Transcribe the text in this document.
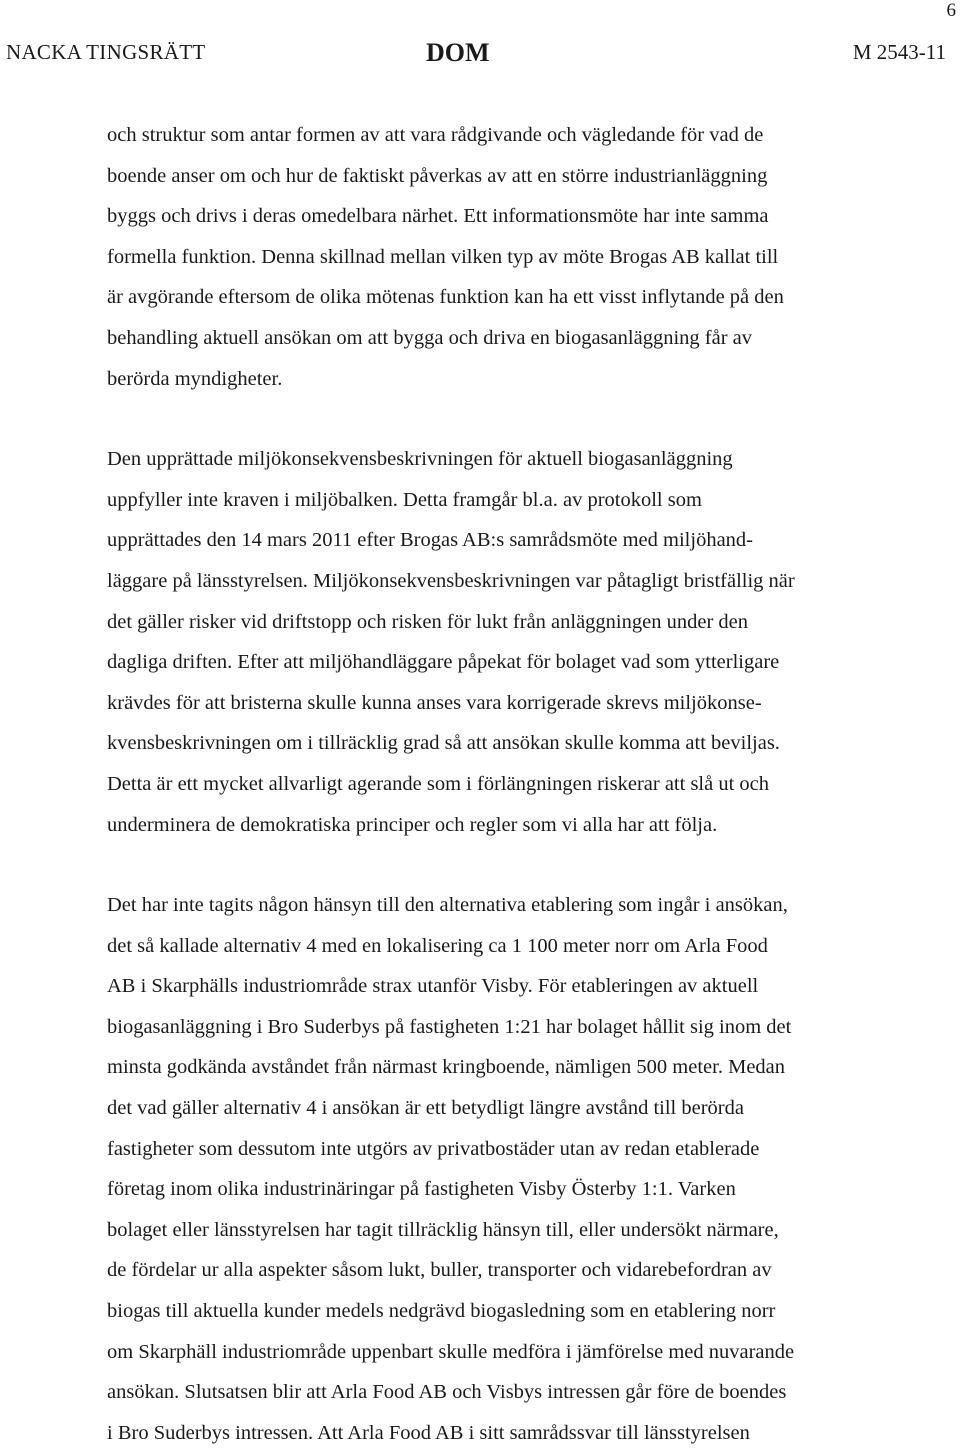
6
NACKA TINGSRÄTT	DOM	M 2543-11

och struktur som antar formen av att vara rådgivande och vägledande för vad de
boende anser om och hur de faktiskt påverkas av att en större industrianläggning
byggs och drivs i deras omedelbara närhet. Ett informationsmöte har inte samma
formella funktion. Denna skillnad mellan vilken typ av möte Brogas AB kallat till
är avgörande eftersom de olika mötenas funktion kan ha ett visst inflytande på den
behandling aktuell ansökan om att bygga och driva en biogasanläggning får av
berörda myndigheter.

Den upprättade miljökonsekvensbeskrivningen för aktuell biogasanläggning
uppfyller inte kraven i miljöbalken. Detta framgår bl.a. av protokoll som
upprättades den 14 mars 2011 efter Brogas AB:s samrådsmöte med miljöhand-
läggare på länsstyrelsen. Miljökonsekvensbeskrivningen var påtagligt bristfällig när
det gäller risker vid driftstopp och risken för lukt från anläggningen under den
dagliga driften. Efter att miljöhandläggare påpekat för bolaget vad som ytterligare
krävdes för att bristerna skulle kunna anses vara korrigerade skrevs miljökonse-
kvensbeskrivningen om i tillräcklig grad så att ansökan skulle komma att beviljas.
Detta är ett mycket allvarligt agerande som i förlängningen riskerar att slå ut och
underminera de demokratiska principer och regler som vi alla har att följa.

Det har inte tagits någon hänsyn till den alternativa etablering som ingår i ansökan,
det så kallade alternativ 4 med en lokalisering ca 1 100 meter norr om Arla Food
AB i Skarphälls industriområde strax utanför Visby. För etableringen av aktuell
biogasanläggning i Bro Suderbys på fastigheten 1:21 har bolaget hållit sig inom det
minsta godkända avståndet från närmast kringboende, nämligen 500 meter. Medan
det vad gäller alternativ 4 i ansökan är ett betydligt längre avstånd till berörda
fastigheter som dessutom inte utgörs av privatbostäder utan av redan etablerade
företag inom olika industrinäringar på fastigheten Visby Österby 1:1. Varken
bolaget eller länsstyrelsen har tagit tillräcklig hänsyn till, eller undersökt närmare,
de fördelar ur alla aspekter såsom lukt, buller, transporter och vidarebefordran av
biogas till aktuella kunder medels nedgrävd biogasledning som en etablering norr
om Skarphäll industriområde uppenbart skulle medföra i jämförelse med nuvarande
ansökan. Slutsatsen blir att Arla Food AB och Visbys intressen går före de boendes
i Bro Suderbys intressen. Att Arla Food AB i sitt samrådssvar till länsstyrelsen
